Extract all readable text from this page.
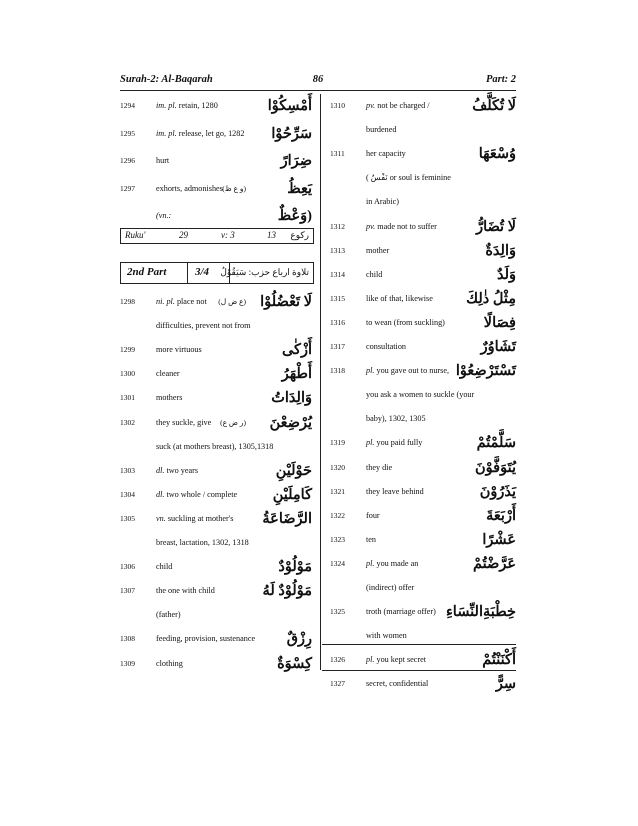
Surah-2: Al-Baqarah	86	Part: 2
1294	im. pl. retain, 1280	أَمْسِكُوْا
1295	im. pl. release, let go, 1282 سَرِّحُوْا
1296	hurt	ضِرَارً
1297	exhorts, admonishes (و ع ظ)	يَعِظُ
(vn.:	(وَعْظٌ
Ruku'	29	v: 3	13 رکوع
2nd Part	3/4 تلاوة ارباع حزب: سَيَقُوْلُ
1298	ni. pl. place not (ع ض ل) لَا تَعْضُلُوْا
difficulties, prevent not from
1299	more virtuous	أَزْكٰى
1300	cleaner	أَطْهَرُ
1301	mothers	وَالِدَاتُ
1302	they suckle, give (ر ض ع) يُرْضِعْنَ
suck (at mothers breast), 1305,1318
1303	dl. two years	حَوْلَيْنِ
1304	dl. two whole / complete كَامِلَيْنِ
1305	vn. suckling at mother's الرَّضَاعَةُ
breast, lactation, 1302, 1318
1306	child	مَوْلُوْدٌ
1307	the one with child	مَوْلُوْدٌ لَهُ
(father)
1308	feeding, provision, sustenance رِزْقٌ
1309	clothing	كِسْوَةٌ
1310	pv. not be charged /	لَا تُكَلَّفُ
burdened
1311	her capacity	وُسْعَهَا
( نَفْسٌ or soul is feminine
in Arabic)
1312	pv. made not to suffer	لَا تُضَارُّ
1313	mother	وَالِدَةٌ
1314	child	وَلَدٌ
1315	like of that, likewise مِثْلُ ذٰلِكَ
1316	to wean (from suckling)	فِصَالًا
1317	consultation	تَشَاوُرٌ
1318	pl. you gave out to nurse, تَسْتَرْضِعُوْا
you ask a women to suckle (your
baby), 1302, 1305
1319	pl. you paid fully	سَلَّمْتُمْ
1320	they die	يُتَوَفَّوْنَ
1321	they leave behind	يَذَرُوْنَ
1322	four	أَرْبَعَةَ
1323	ten	عَشْرًا
1324	pl. you made an	عَرَّضْتُمْ
(indirect) offer
1325	troth (marriage offer) خِطْبَةِالنِّسَاءِ
with women
1326	pl. you kept secret	أَكْنَنْتُمْ
1327	secret, confidential	سِرًّ
